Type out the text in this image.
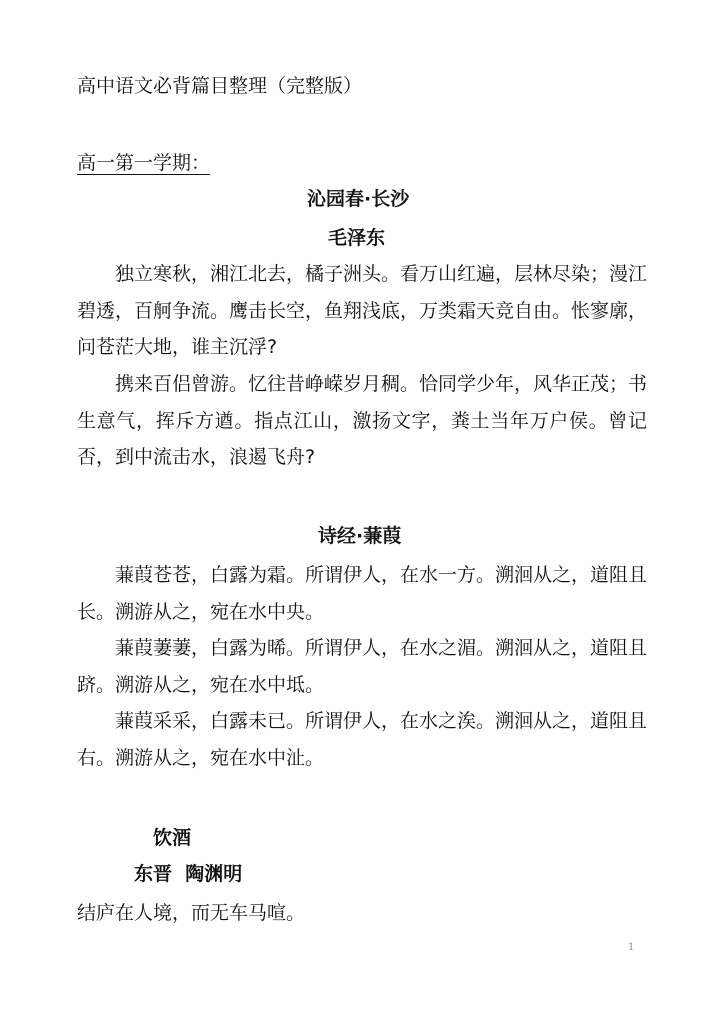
高中语文必背篇目整理（完整版）
高一第一学期：
沁园春·长沙
毛泽东

独立寒秋，湘江北去，橘子洲头。看万山红遍，层林尽染；漫江碧透，百舸争流。鹰击长空，鱼翔浅底，万类霜天竞自由。怅寥廓，问苍茫大地，谁主沉浮?

携来百侣曾游。忆往昔峥嵘岁月稠。恰同学少年，风华正茂；书生意气，挥斥方遒。指点江山，激扬文字，粪土当年万户侯。曾记否，到中流击水，浪遏飞舟?

诗经·蒹葭

蒹葭苍苍，白露为霜。所谓伊人，在水一方。溯洄从之，道阻且长。溯游从之，宛在水中央。

蒹葭萋萋，白露为晞。所谓伊人，在水之湄。溯洄从之，道阻且跻。溯游从之，宛在水中坻。

蒹葭采采，白露未已。所谓伊人，在水之涘。溯洄从之，道阻且右。溯游从之，宛在水中沚。

饮酒
东晋  陶渊明

结庐在人境，而无车马喧。

1
